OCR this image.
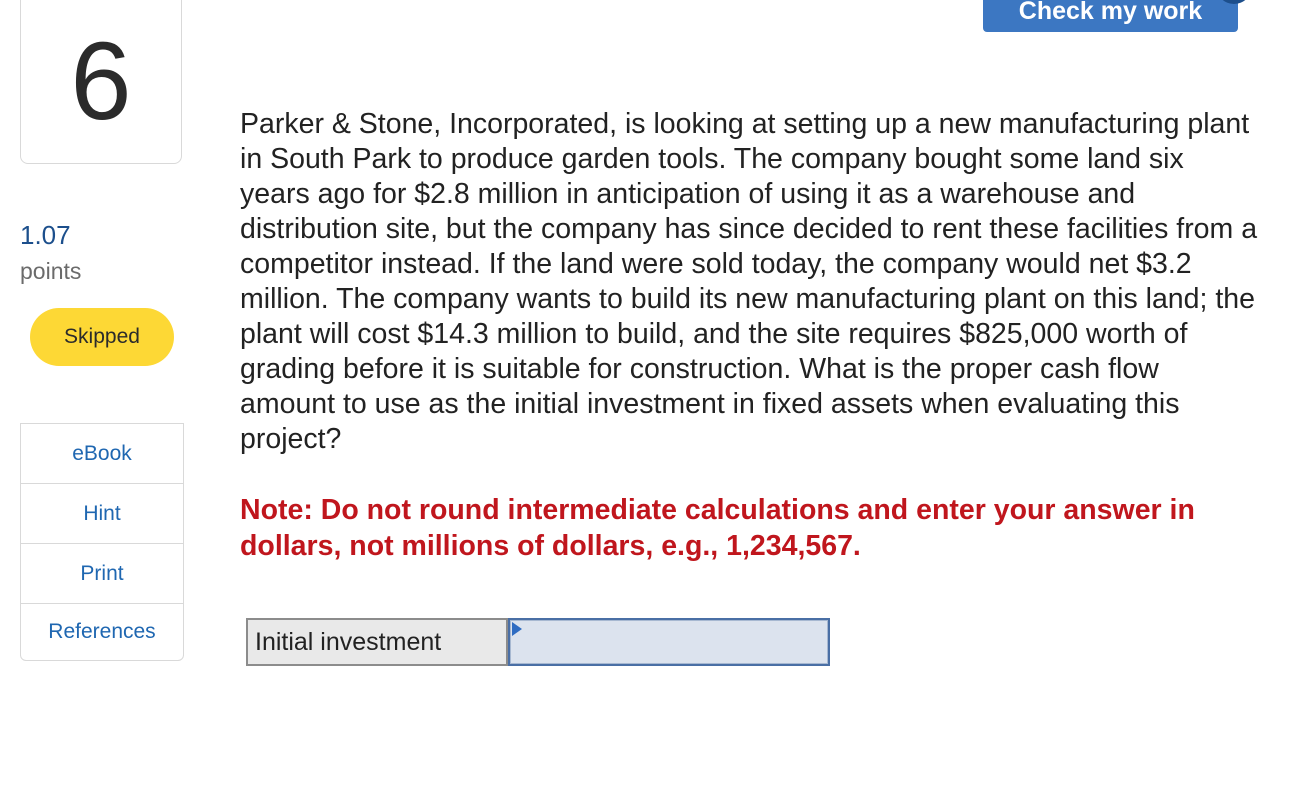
6
1.07
points
Skipped
eBook
Hint
Print
References
Check my work
Parker & Stone, Incorporated, is looking at setting up a new manufacturing plant in South Park to produce garden tools. The company bought some land six years ago for $2.8 million in anticipation of using it as a warehouse and distribution site, but the company has since decided to rent these facilities from a competitor instead. If the land were sold today, the company would net $3.2 million. The company wants to build its new manufacturing plant on this land; the plant will cost $14.3 million to build, and the site requires $825,000 worth of grading before it is suitable for construction. What is the proper cash flow amount to use as the initial investment in fixed assets when evaluating this project?
Note: Do not round intermediate calculations and enter your answer in dollars, not millions of dollars, e.g., 1,234,567.
Initial investment
